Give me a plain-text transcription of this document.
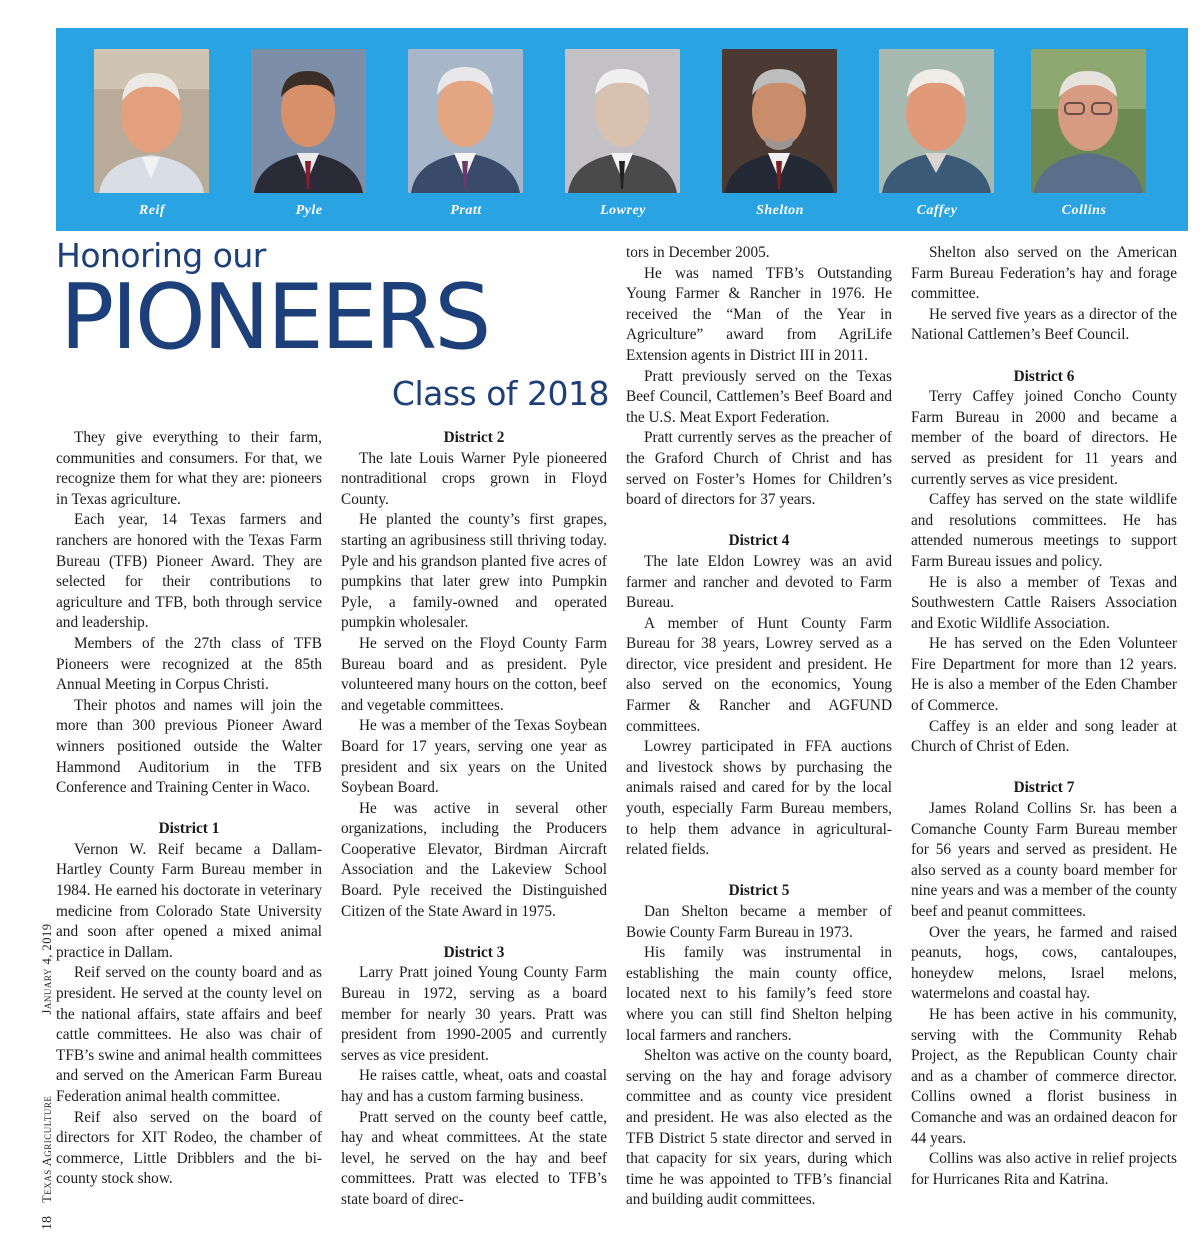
Reif	Pyle	Pratt	Lowrey	Shelton	Caffey	Collins
Honoring our
PIONEERS
Class of 2018
18 Texas Agriculture January 4, 2019

They give everything to their farm, communities and consumers. For that, we recognize them for what they are: pioneers in Texas agriculture.

Each year, 14 Texas farmers and ranchers are honored with the Texas Farm Bureau (TFB) Pioneer Award. They are selected for their contributions to agriculture and TFB, both through service and leadership.

Members of the 27th class of TFB Pioneers were recognized at the 85th Annual Meeting in Corpus Christi.

Their photos and names will join the more than 300 previous Pioneer Award winners positioned outside the Walter Hammond Auditorium in the TFB Conference and Training Center in Waco.

District 1

Vernon W. Reif became a Dallam-Hartley County Farm Bureau member in 1984. He earned his doctorate in veterinary medicine from Colorado State University and soon after opened a mixed animal practice in Dallam.

Reif served on the county board and as president. He served at the county level on the national affairs, state affairs and beef cattle committees. He also was chair of TFB’s swine and animal health committees and served on the American Farm Bureau Federation animal health committee.

Reif also served on the board of directors for XIT Rodeo, the chamber of commerce, Little Dribblers and the bi-county stock show.

District 2

The late Louis Warner Pyle pioneered nontraditional crops grown in Floyd County.

He planted the county’s first grapes, starting an agribusiness still thriving today. Pyle and his grandson planted five acres of pumpkins that later grew into Pumpkin Pyle, a family-owned and operated pumpkin wholesaler.

He served on the Floyd County Farm Bureau board and as president. Pyle volunteered many hours on the cotton, beef and vegetable committees.

He was a member of the Texas Soybean Board for 17 years, serving one year as president and six years on the United Soybean Board.

He was active in several other organizations, including the Producers Cooperative Elevator, Birdman Aircraft Association and the Lakeview School Board. Pyle received the Distinguished Citizen of the State Award in 1975.

District 3

Larry Pratt joined Young County Farm Bureau in 1972, serving as a board member for nearly 30 years. Pratt was president from 1990-2005 and currently serves as vice president.

He raises cattle, wheat, oats and coastal hay and has a custom farming business.

Pratt served on the county beef cattle, hay and wheat committees. At the state level, he served on the hay and beef committees. Pratt was elected to TFB’s state board of direc-

tors in December 2005.

He was named TFB’s Outstanding Young Farmer & Rancher in 1976. He received the “Man of the Year in Agriculture” award from AgriLife Extension agents in District III in 2011.

Pratt previously served on the Texas Beef Council, Cattlemen’s Beef Board and the U.S. Meat Export Federation.

Pratt currently serves as the preacher of the Graford Church of Christ and has served on Foster’s Homes for Children’s board of directors for 37 years.

District 4

The late Eldon Lowrey was an avid farmer and rancher and devoted to Farm Bureau.

A member of Hunt County Farm Bureau for 38 years, Lowrey served as a director, vice president and president. He also served on the economics, Young Farmer & Rancher and AGFUND committees.

Lowrey participated in FFA auctions and livestock shows by purchasing the animals raised and cared for by the local youth, especially Farm Bureau members, to help them advance in agricultural-related fields.

District 5

Dan Shelton became a member of Bowie County Farm Bureau in 1973.

His family was instrumental in establishing the main county office, located next to his family’s feed store where you can still find Shelton helping local farmers and ranchers.

Shelton was active on the county board, serving on the hay and forage advisory committee and as county vice president and president. He was also elected as the TFB District 5 state director and served in that capacity for six years, during which time he was appointed to TFB’s financial and building audit committees.

Shelton also served on the American Farm Bureau Federation’s hay and forage committee.

He served five years as a director of the National Cattlemen’s Beef Council.

District 6

Terry Caffey joined Concho County Farm Bureau in 2000 and became a member of the board of directors. He served as president for 11 years and currently serves as vice president.

Caffey has served on the state wildlife and resolutions committees. He has attended numerous meetings to support Farm Bureau issues and policy.

He is also a member of Texas and Southwestern Cattle Raisers Association and Exotic Wildlife Association.

He has served on the Eden Volunteer Fire Department for more than 12 years. He is also a member of the Eden Chamber of Commerce.

Caffey is an elder and song leader at Church of Christ of Eden.

District 7

James Roland Collins Sr. has been a Comanche County Farm Bureau member for 56 years and served as president. He also served as a county board member for nine years and was a member of the county beef and peanut committees.

Over the years, he farmed and raised peanuts, hogs, cows, cantaloupes, honeydew melons, Israel melons, watermelons and coastal hay.

He has been active in his community, serving with the Community Rehab Project, as the Republican County chair and as a chamber of commerce director. Collins owned a florist business in Comanche and was an ordained deacon for 44 years.

Collins was also active in relief projects for Hurricanes Rita and Katrina.
